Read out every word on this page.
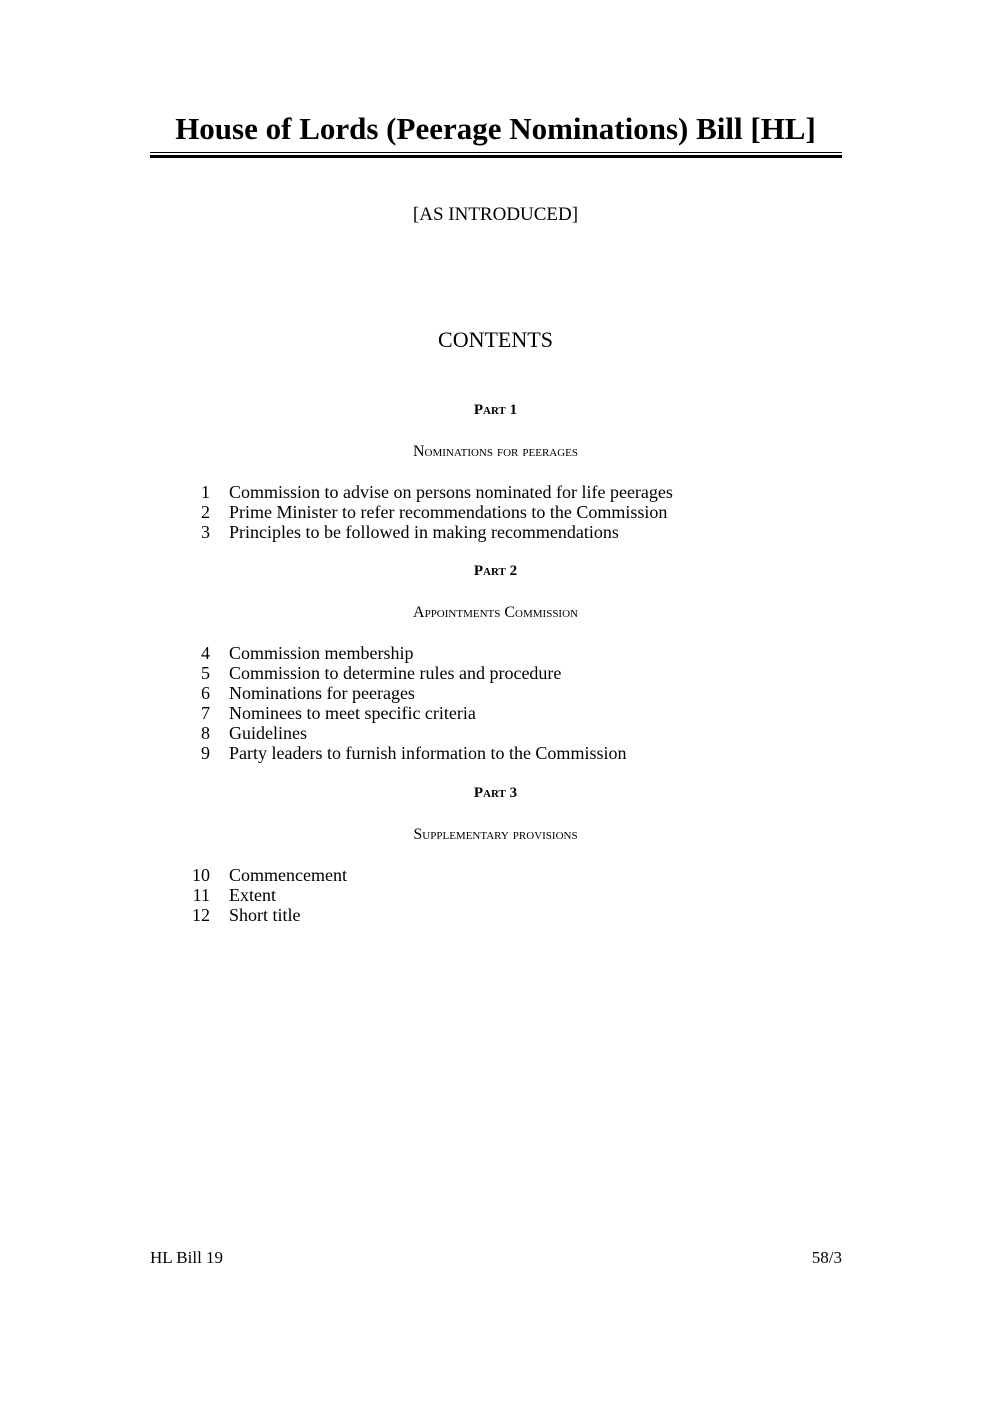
House of Lords (Peerage Nominations) Bill [HL]
[AS INTRODUCED]
CONTENTS
Part 1
Nominations for peerages
1 Commission to advise on persons nominated for life peerages
2 Prime Minister to refer recommendations to the Commission
3 Principles to be followed in making recommendations
Part 2
Appointments Commission
4 Commission membership
5 Commission to determine rules and procedure
6 Nominations for peerages
7 Nominees to meet specific criteria
8 Guidelines
9 Party leaders to furnish information to the Commission
Part 3
Supplementary provisions
10 Commencement
11 Extent
12 Short title
HL Bill 19	58/3
